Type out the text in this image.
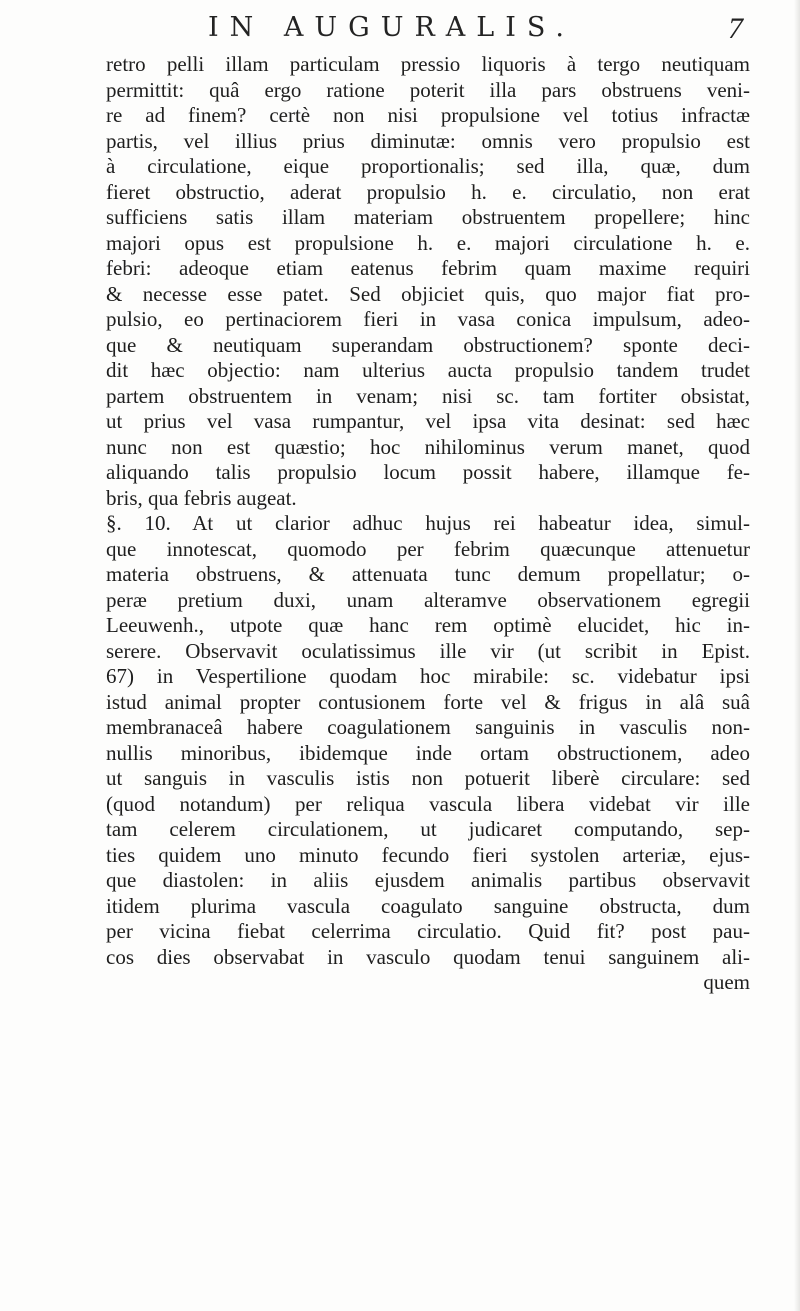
IN AUGURALIS.	7
retro pelli illam particulam pressio liquoris à tergo neutiquam
permittit: quâ ergo ratione poterit illa pars obstruens veni-
re ad finem? certè non nisi propulsione vel totius infractæ
partis, vel illius prius diminutæ: omnis vero propulsio est
à circulatione, eique proportionalis; sed illa, quæ, dum
fieret obstructio, aderat propulsio h. e. circulatio, non erat
sufficiens satis illam materiam obstruentem propellere; hinc
majori opus est propulsione h. e. majori circulatione h. e.
febri: adeoque etiam eatenus febrim quam maxime requiri
& necesse esse patet. Sed objiciet quis, quo major fiat pro-
pulsio, eo pertinaciorem fieri in vasa conica impulsum, adeo-
que & neutiquam superandam obstructionem? sponte deci-
dit hæc objectio: nam ulterius aucta propulsio tandem trudet
partem obstruentem in venam; nisi sc. tam fortiter obsistat,
ut prius vel vasa rumpantur, vel ipsa vita desinat: sed hæc
nunc non est quæstio; hoc nihilominus verum manet, quod
aliquando talis propulsio locum possit habere, illamque fe-
bris, qua febris augeat.
§. 10. At ut clarior adhuc hujus rei habeatur idea, simul-
que innotescat, quomodo per febrim quæcunque attenuetur
materia obstruens, & attenuata tunc demum propellatur; o-
peræ pretium duxi, unam alteramve observationem egregii
Leeuwenh., utpote quæ hanc rem optimè elucidet, hic in-
serere. Observavit oculatissimus ille vir (ut scribit in Epist.
67) in Vespertilione quodam hoc mirabile: sc. videbatur ipsi
istud animal propter contusionem forte vel & frigus in alâ suâ
membranaceâ habere coagulationem sanguinis in vasculis non-
nullis minoribus, ibidemque inde ortam obstructionem, adeo
ut sanguis in vasculis istis non potuerit liberè circulare: sed
(quod notandum) per reliqua vascula libera videbat vir ille
tam celerem circulationem, ut judicaret computando, sep-
ties quidem uno minuto fecundo fieri systolen arteriæ, ejus-
que diastolen: in aliis ejusdem animalis partibus observavit
itidem plurima vascula coagulato sanguine obstructa, dum
per vicina fiebat celerrima circulatio. Quid fit? post pau-
cos dies observabat in vasculo quodam tenui sanguinem ali-
quem
